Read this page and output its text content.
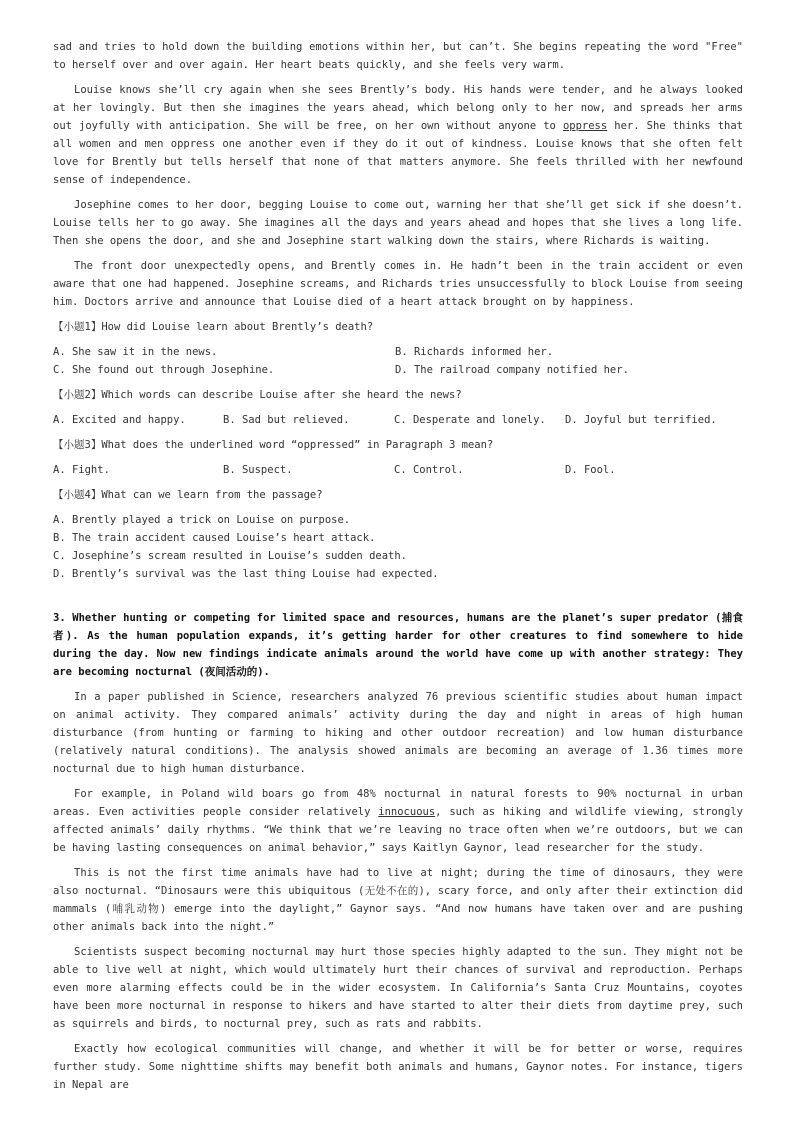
sad and tries to hold down the building emotions within her, but can’t. She begins repeating the word "Free" to herself over and over again. Her heart beats quickly, and she feels very warm.

Louise knows she’ll cry again when she sees Brently’s body. His hands were tender, and he always looked at her lovingly. But then she imagines the years ahead, which belong only to her now, and spreads her arms out joyfully with anticipation. She will be free, on her own without anyone to oppress her. She thinks that all women and men oppress one another even if they do it out of kindness. Louise knows that she often felt love for Brently but tells herself that none of that matters anymore. She feels thrilled with her newfound sense of independence.

Josephine comes to her door, begging Louise to come out, warning her that she’ll get sick if she doesn’t. Louise tells her to go away. She imagines all the days and years ahead and hopes that she lives a long life. Then she opens the door, and she and Josephine start walking down the stairs, where Richards is waiting.

The front door unexpectedly opens, and Brently comes in. He hadn’t been in the train accident or even aware that one had happened. Josephine screams, and Richards tries unsuccessfully to block Louise from seeing him. Doctors arrive and announce that Louise died of a heart attack brought on by happiness.

【小题1】How did Louise learn about Brently’s death?

A. She saw it in the news.	B. Richards informed her.
C. She found out through Josephine.	D. The railroad company notified her.

【小题2】Which words can describe Louise after she heard the news?

A. Excited and happy.	B. Sad but relieved.	C. Desperate and lonely.	D. Joyful but terrified.

【小题3】What does the underlined word “oppressed” in Paragraph 3 mean?

A. Fight.	B. Suspect.	C. Control.	D. Fool.

【小题4】What can we learn from the passage?

A. Brently played a trick on Louise on purpose.
B. The train accident caused Louise’s heart attack.
C. Josephine’s scream resulted in Louise’s sudden death.
D. Brently’s survival was the last thing Louise had expected.

3. Whether hunting or competing for limited space and resources, humans are the planet’s super predator (捕食者). As the human population expands, it’s getting harder for other creatures to find somewhere to hide during the day. Now new findings indicate animals around the world have come up with another strategy: They are becoming nocturnal (夜间活动的).

In a paper published in Science, researchers analyzed 76 previous scientific studies about human impact on animal activity. They compared animals’ activity during the day and night in areas of high human disturbance (from hunting or farming to hiking and other outdoor recreation) and low human disturbance (relatively natural conditions). The analysis showed animals are becoming an average of 1.36 times more nocturnal due to high human disturbance.

For example, in Poland wild boars go from 48% nocturnal in natural forests to 90% nocturnal in urban areas. Even activities people consider relatively innocuous, such as hiking and wildlife viewing, strongly affected animals’ daily rhythms. “We think that we’re leaving no trace often when we’re outdoors, but we can be having lasting consequences on animal behavior,” says Kaitlyn Gaynor, lead researcher for the study.

This is not the first time animals have had to live at night; during the time of dinosaurs, they were also nocturnal. “Dinosaurs were this ubiquitous (无处不在的), scary force, and only after their extinction did mammals (哺乳动物) emerge into the daylight,” Gaynor says. “And now humans have taken over and are pushing other animals back into the night.”

Scientists suspect becoming nocturnal may hurt those species highly adapted to the sun. They might not be able to live well at night, which would ultimately hurt their chances of survival and reproduction. Perhaps even more alarming effects could be in the wider ecosystem. In California’s Santa Cruz Mountains, coyotes have been more nocturnal in response to hikers and have started to alter their diets from daytime prey, such as squirrels and birds, to nocturnal prey, such as rats and rabbits.

Exactly how ecological communities will change, and whether it will be for better or worse, requires further study. Some nighttime shifts may benefit both animals and humans, Gaynor notes. For instance, tigers in Nepal are
